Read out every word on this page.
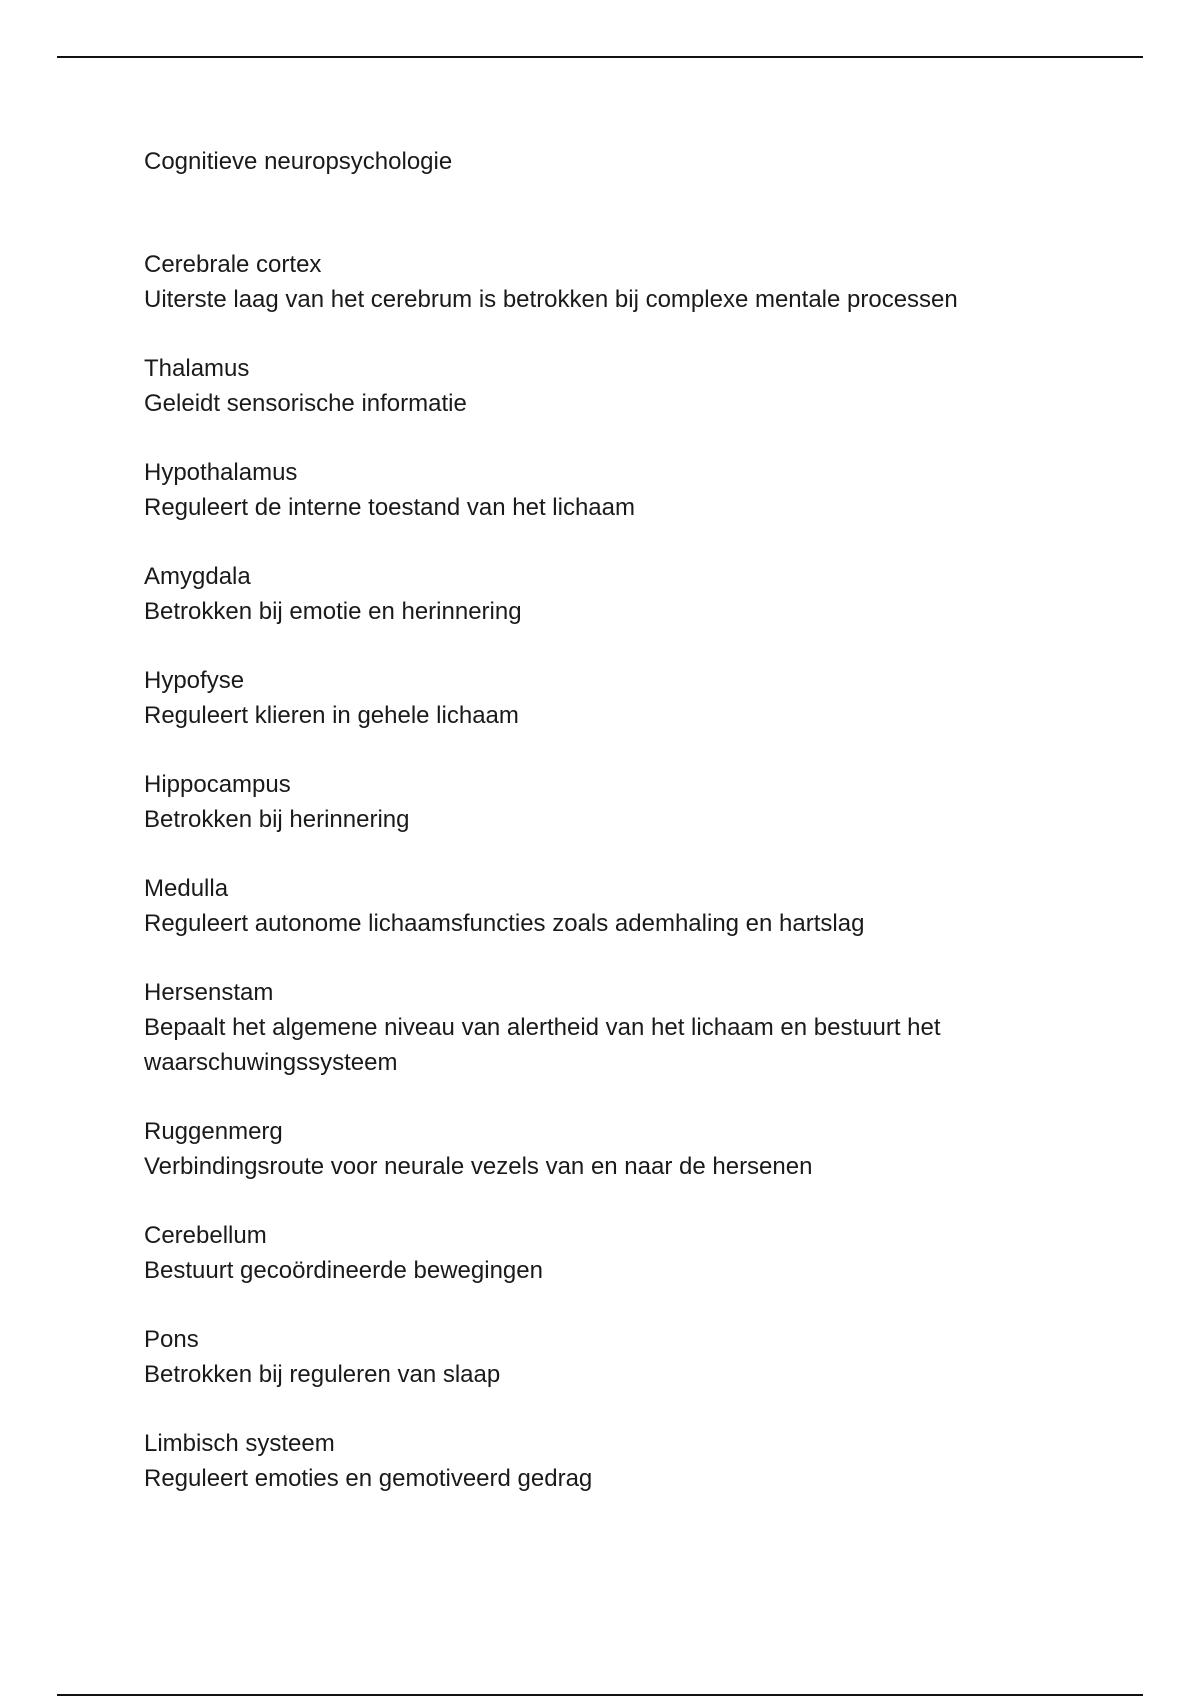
Cognitieve neuropsychologie
Cerebrale cortex
Uiterste laag van het cerebrum is betrokken bij complexe mentale processen
Thalamus
Geleidt sensorische informatie
Hypothalamus
Reguleert de interne toestand van het lichaam
Amygdala
Betrokken bij emotie en herinnering
Hypofyse
Reguleert klieren in gehele lichaam
Hippocampus
Betrokken bij herinnering
Medulla
Reguleert autonome lichaamsfuncties zoals ademhaling en hartslag
Hersenstam
Bepaalt het algemene niveau van alertheid van het lichaam en bestuurt het waarschuwingssysteem
Ruggenmerg
Verbindingsroute voor neurale vezels van en naar de hersenen
Cerebellum
Bestuurt gecoördineerde bewegingen
Pons
Betrokken bij reguleren van slaap
Limbisch systeem
Reguleert emoties en gemotiveerd gedrag
